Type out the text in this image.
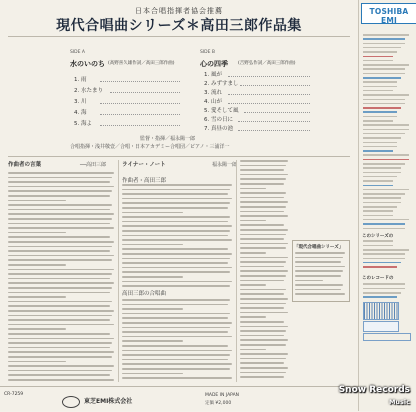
日本合唱指揮者協会推薦
現代合唱曲シリーズ＊高田三郎作品集
SIDE A
水のいのち (高野喜久雄作詞／高田三郎作曲)
1. 雨
2. 水たまり
3. 川
4. 海
5. 海よ
SIDE B
心の四季 (吉野弘作詞／高田三郎作曲)
1. 風が
2. みずすまし
3. 流れ
4. 山が
5. 愛そして風
6. 雪の日に
7. 真昼の池
監督・指揮／福永陽一郎
合唱指揮・浅井敬壹／合唱・日本アカデミー合唱団／ピアノ・三浦洋一
作曲者の言葉	──高田三郎	ライナー・ノート	福永陽一郎
作曲者・高田三郎
高田三郎の合唱曲
「現代合唱曲シリーズ」
CR-7259
東芝EMI株式会社
MADE IN JAPAN
定価 ¥2,000
TOSHIBA EMI
このシリーズの
このレコードの
Snow Records
Music
